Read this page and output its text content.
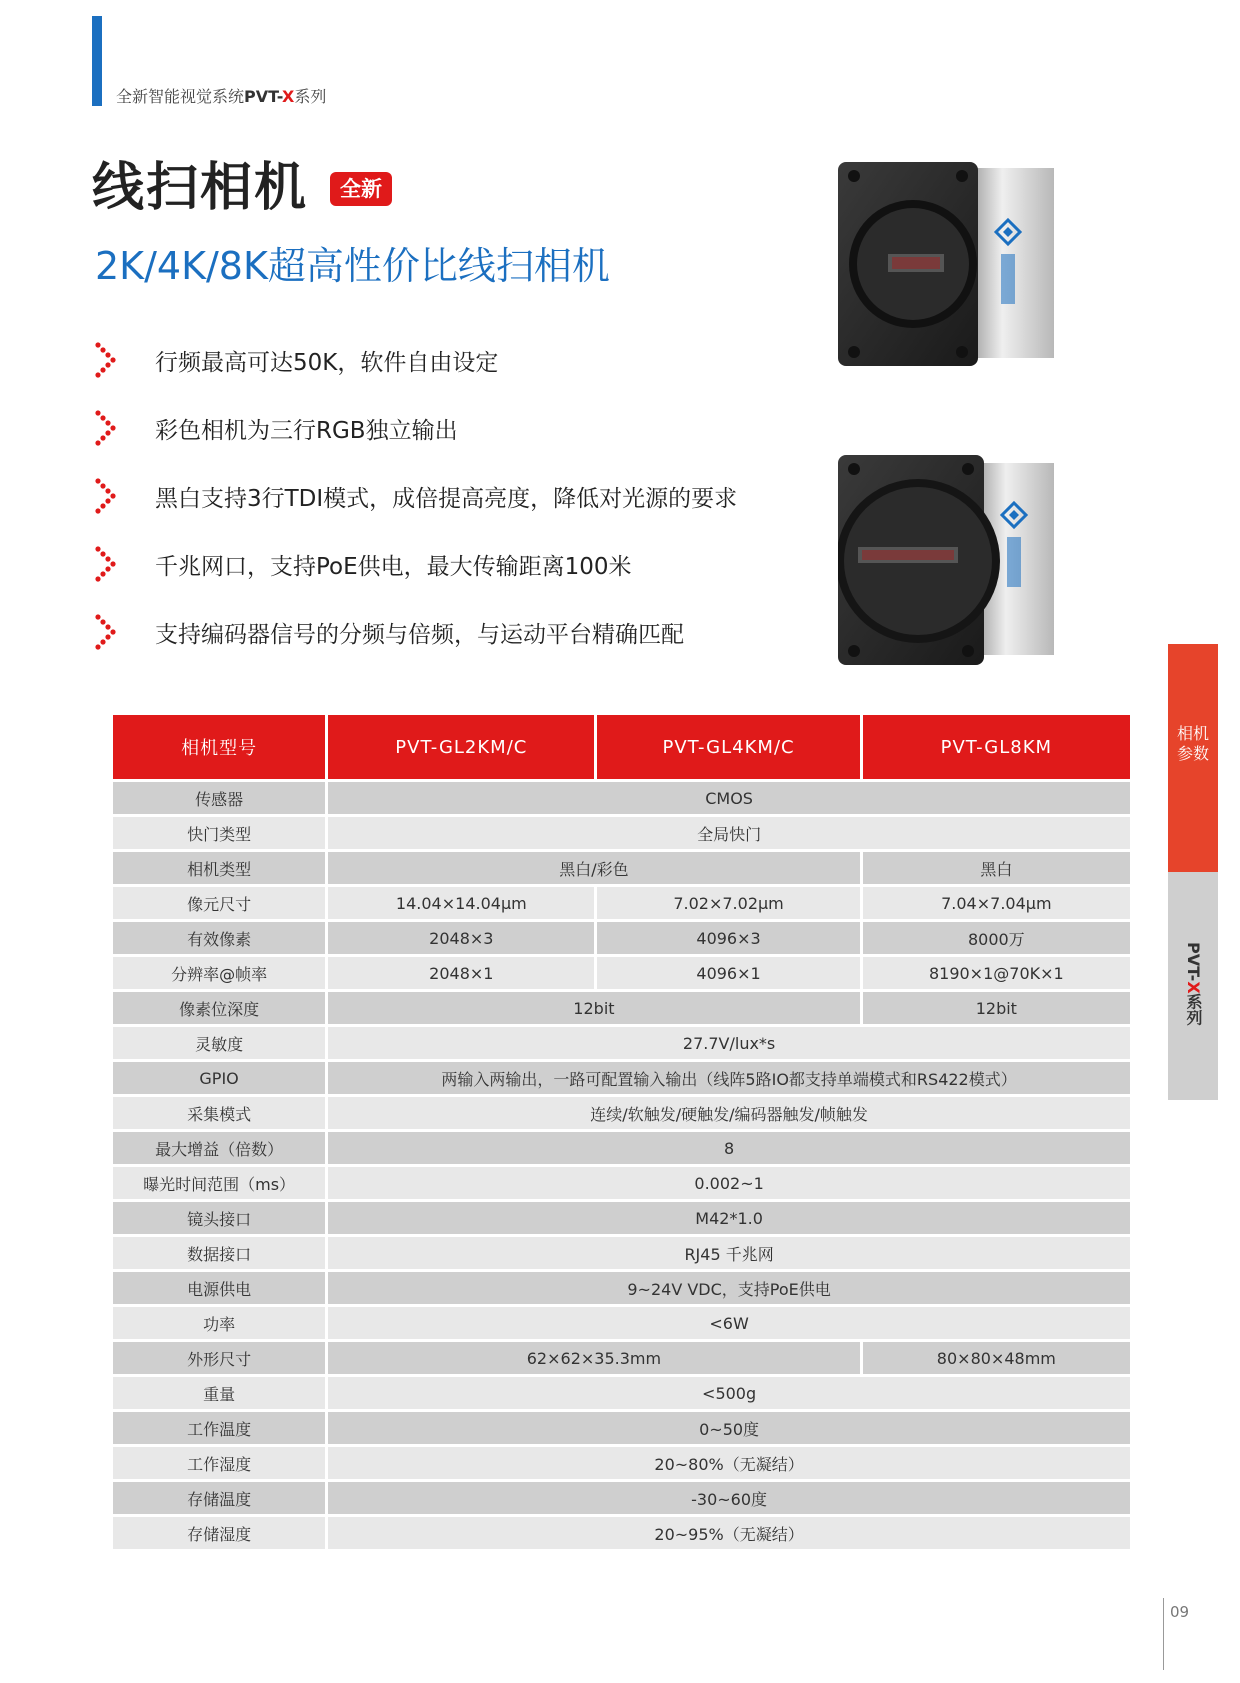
全新智能视觉系统PVT-X系列
线扫相机	全新
2K/4K/8K超高性价比线扫相机
行频最高可达50K，软件自由设定
彩色相机为三行RGB独立输出
黑白支持3行TDI模式，成倍提高亮度，降低对光源的要求
千兆网口，支持PoE供电，最大传输距离100米
支持编码器信号的分频与倍频，与运动平台精确匹配
相机
参数
PVT-X系列
相机型号	PVT-GL2KM/C	PVT-GL4KM/C	PVT-GL8KM
传感器	CMOS		
快门类型	全局快门		
相机类型	黑白/彩色		黑白
像元尺寸	14.04×14.04μm	7.02×7.02μm	7.04×7.04μm
有效像素	2048×3	4096×3	8000万
分辨率@帧率	2048×1	4096×1	8190×1@70K×1
像素位深度	12bit		12bit
灵敏度	27.7V/lux*s		
GPIO	两输入两输出，一路可配置输入输出（线阵5路IO都支持单端模式和RS422模式）		
采集模式	连续/软触发/硬触发/编码器触发/帧触发		
最大增益（倍数）	8		
曝光时间范围（ms）	0.002~1		
镜头接口	M42*1.0		
数据接口	RJ45 千兆网		
电源供电	9~24V VDC，支持PoE供电		
功率	<6W		
外形尺寸	62×62×35.3mm		80×80×48mm
重量	<500g		
工作温度	0~50度		
工作湿度	20~80%（无凝结）		
存储温度	-30~60度		
存储湿度	20~95%（无凝结）		
09
